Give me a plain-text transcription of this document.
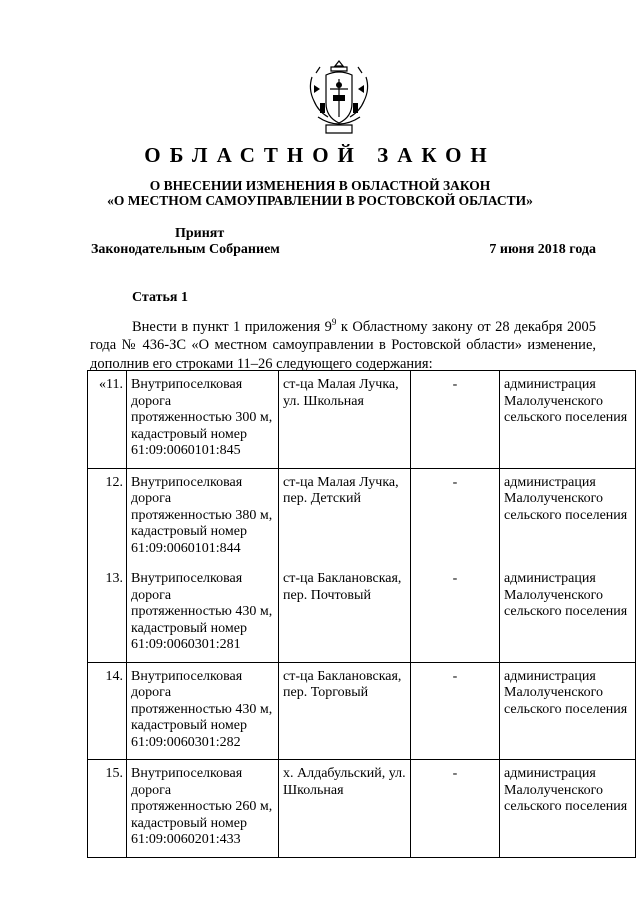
ОБЛАСТНОЙ ЗАКОН
О ВНЕСЕНИИ ИЗМЕНЕНИЯ В ОБЛАСТНОЙ ЗАКОН
«О МЕСТНОМ САМОУПРАВЛЕНИИ В РОСТОВСКОЙ ОБЛАСТИ»
Принят
Законодательным Собранием	7 июня 2018 года
Статья 1
Внести в пункт 1 приложения $9^9$ к Областному закону от 28 декабря 2005 года № 436-ЗС «О местном самоуправлении в Ростовской области» изменение, дополнив его строками 11–26 следующего содержания:
«11.	Внутрипоселковая дорога протяженностью 300 м, кадастровый номер 61:09:0060101:845	ст-ца Малая Лучка, ул. Школьная	-	администрация Малолученского сельского поселения
12.	Внутрипоселковая дорога протяженностью 380 м, кадастровый номер 61:09:0060101:844	ст-ца Малая Лучка, пер. Детский	-	администрация Малолученского сельского поселения
13.	Внутрипоселковая дорога протяженностью 430 м, кадастровый номер 61:09:0060301:281	ст-ца Баклановская, пер. Почтовый	-	администрация Малолученского сельского поселения
14.	Внутрипоселковая дорога протяженностью 430 м, кадастровый номер 61:09:0060301:282	ст-ца Баклановская, пер. Торговый	-	администрация Малолученского сельского поселения
15.	Внутрипоселковая дорога протяженностью 260 м, кадастровый номер 61:09:0060201:433	х. Алдабульский, ул. Школьная	-	администрация Малолученского сельского поселения
